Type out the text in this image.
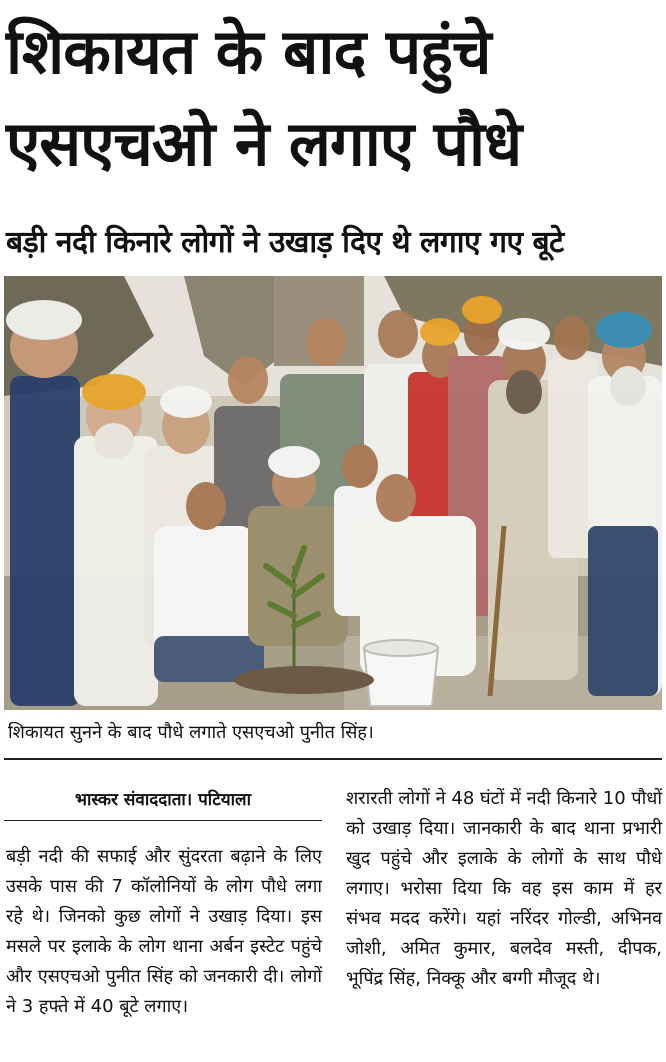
शिकायत के बाद पहुंचे एसएचओ ने लगाए पौधे
बड़ी नदी किनारे लोगों ने उखाड़ दिए थे लगाए गए बूटे
शिकायत सुनने के बाद पौधे लगाते एसएचओ पुनीत सिंह।
भास्कर संवाददाता। पटियाला

बड़ी नदी की सफाई और सुंदरता बढ़ाने के लिए उसके पास की 7 कॉलोनियों के लोग पौधे लगा रहे थे। जिनको कुछ लोगों ने उखाड़ दिया। इस मसले पर इलाके के लोग थाना अर्बन इस्टेट पहुंचे और एसएचओ पुनीत सिंह को जनकारी दी। लोगों ने 3 हफ्ते में 40 बूटे लगाए।

शरारती लोगों ने 48 घंटों में नदी किनारे 10 पौधों को उखाड़ दिया। जानकारी के बाद थाना प्रभारी खुद पहुंचे और इलाके के लोगों के साथ पौधे लगाए। भरोसा दिया कि वह इस काम में हर संभव मदद करेंगे। यहां नरिंदर गोल्डी, अभिनव जोशी, अमित कुमार, बलदेव मस्ती, दीपक, भूपिंद्र सिंह, निक्कू और बग्गी मौजूद थे।
